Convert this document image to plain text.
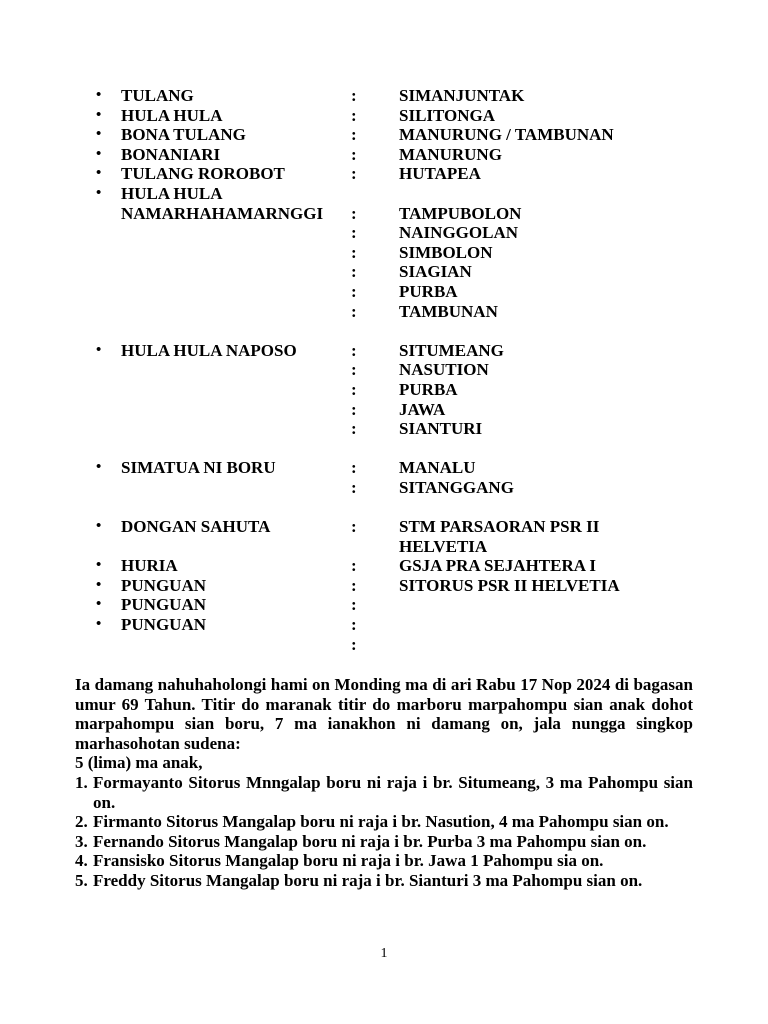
• TULANG	: SIMANJUNTAK
• HULA HULA	: SILITONGA
• BONA TULANG	: MANURUNG / TAMBUNAN
• BONANIARI	: MANURUNG
• TULANG ROROBOT	: HUTAPEA
• HULA HULA
NAMARHAHAMARNGGI : TAMPUBOLON
: NAINGGOLAN
: SIMBOLON
: SIAGIAN
: PURBA
: TAMBUNAN
• HULA HULA NAPOSO	: SITUMEANG
: NASUTION
: PURBA
: JAWA
: SIANTURI
• SIMATUA NI BORU	: MANALU
: SITANGGANG
• DONGAN SAHUTA	: STM PARSAORAN PSR II
HELVETIA
• HURIA	: GSJA PRA SEJAHTERA I
• PUNGUAN	: SITORUS PSR II HELVETIA
• PUNGUAN	:
• PUNGUAN	:
:

Ia damang nahuhaholongi hami on Monding ma di ari Rabu 17 Nop 2024 di bagasan umur 69 Tahun. Titir do maranak titir do marboru marpahompu sian anak dohot marpahompu sian boru, 7 ma ianakhon ni damang on, jala nungga singkop marhasohotan sudena:

5 (lima) ma anak,

1. Formayanto Sitorus Mnngalap boru ni raja i br. Situmeang, 3 ma Pahompu sian on.
2. Firmanto Sitorus Mangalap boru ni raja i br. Nasution, 4 ma Pahompu sian on.
3. Fernando Sitorus Mangalap boru ni raja i br. Purba 3 ma Pahompu sian on.
4. Fransisko Sitorus Mangalap boru ni raja i br. Jawa 1 Pahompu sia on.
5. Freddy Sitorus Mangalap boru ni raja i br. Sianturi 3 ma Pahompu sian on.
1
